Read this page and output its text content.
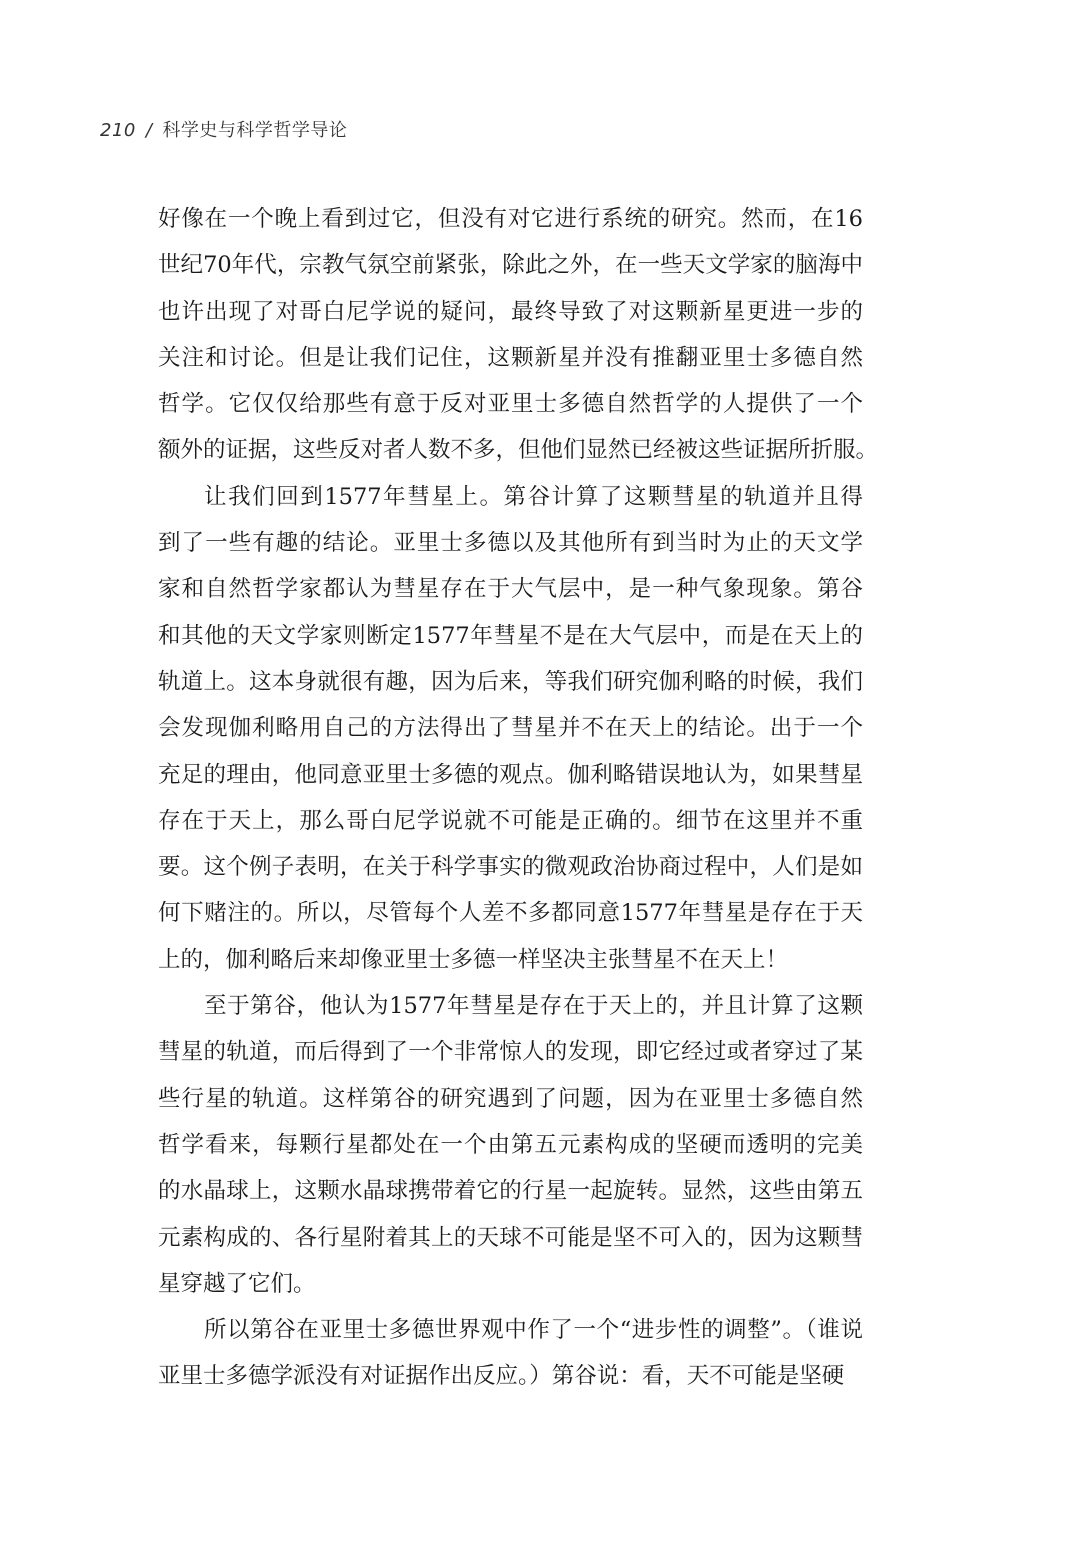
210 / 科学史与科学哲学导论
好像在一个晚上看到过它，但没有对它进行系统的研究。然而，在16
世纪70年代，宗教气氛空前紧张，除此之外，在一些天文学家的脑海中
也许出现了对哥白尼学说的疑问，最终导致了对这颗新星更进一步的
关注和讨论。但是让我们记住，这颗新星并没有推翻亚里士多德自然
哲学。它仅仅给那些有意于反对亚里士多德自然哲学的人提供了一个
额外的证据，这些反对者人数不多，但他们显然已经被这些证据所折服。
让我们回到1577年彗星上。第谷计算了这颗彗星的轨道并且得
到了一些有趣的结论。亚里士多德以及其他所有到当时为止的天文学
家和自然哲学家都认为彗星存在于大气层中，是一种气象现象。第谷
和其他的天文学家则断定1577年彗星不是在大气层中，而是在天上的
轨道上。这本身就很有趣，因为后来，等我们研究伽利略的时候，我们
会发现伽利略用自己的方法得出了彗星并不在天上的结论。出于一个
充足的理由，他同意亚里士多德的观点。伽利略错误地认为，如果彗星
存在于天上，那么哥白尼学说就不可能是正确的。细节在这里并不重
要。这个例子表明，在关于科学事实的微观政治协商过程中，人们是如
何下赌注的。所以，尽管每个人差不多都同意1577年彗星是存在于天
上的，伽利略后来却像亚里士多德一样坚决主张彗星不在天上！
至于第谷，他认为1577年彗星是存在于天上的，并且计算了这颗
彗星的轨道，而后得到了一个非常惊人的发现，即它经过或者穿过了某
些行星的轨道。这样第谷的研究遇到了问题，因为在亚里士多德自然
哲学看来，每颗行星都处在一个由第五元素构成的坚硬而透明的完美
的水晶球上，这颗水晶球携带着它的行星一起旋转。显然，这些由第五
元素构成的、各行星附着其上的天球不可能是坚不可入的，因为这颗彗
星穿越了它们。
所以第谷在亚里士多德世界观中作了一个“进步性的调整”。（谁说
亚里士多德学派没有对证据作出反应。）第谷说：看，天不可能是坚硬
